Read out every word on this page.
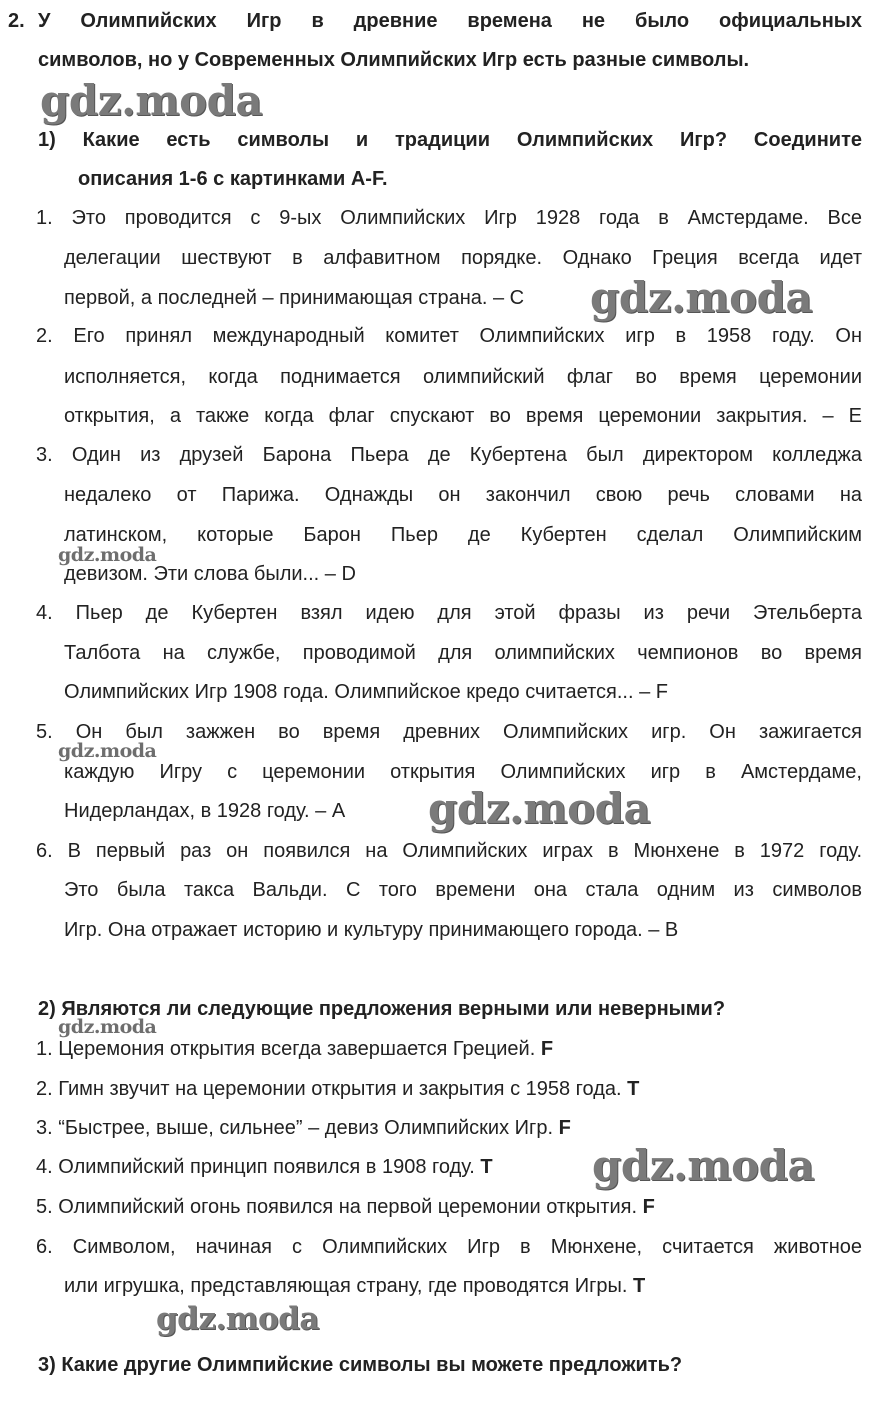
2. У Олимпийских Игр в древние времена не было официальных
символов, но у Современных Олимпийских Игр есть разные символы.
gdz.moda
1) Какие есть символы и традиции Олимпийских Игр? Соедините
описания 1-6 с картинками A-F.
1. Это проводится с 9-ых Олимпийских Игр 1928 года в Амстердаме. Все
делегации шествуют в алфавитном порядке. Однако Греция всегда идет
первой, а последней – принимающая страна. – C gdz.moda
2. Его принял международный комитет Олимпийских игр в 1958 году. Он
исполняется, когда поднимается олимпийский флаг во время церемонии
открытия, а также когда флаг спускают во время церемонии закрытия. – E
3. Один из друзей Барона Пьера де Кубертена был директором колледжа
недалеко от Парижа. Однажды он закончил свою речь словами на
латинском, которые Барон Пьер де Кубертен сделал Олимпийским
gdz.moda
девизом. Эти слова были... – D
4. Пьер де Кубертен взял идею для этой фразы из речи Этельберта
Талбота на службе, проводимой для олимпийских чемпионов во время
Олимпийских Игр 1908 года. Олимпийское кредо считается... – F
5. Он был зажжен во время древних Олимпийских игр. Он зажигается
gdz.moda
каждую Игру с церемонии открытия Олимпийских игр в Амстердаме,
Нидерландах, в 1928 году. – A gdz.moda
6. В первый раз он появился на Олимпийских играх в Мюнхене в 1972 году.
Это была такса Вальди. С того времени она стала одним из символов
Игр. Она отражает историю и культуру принимающего города. – B
2) Являются ли следующие предложения верными или неверными?
gdz.moda
1. Церемония открытия всегда завершается Грецией. F
2. Гимн звучит на церемонии открытия и закрытия с 1958 года. T
3. “Быстрее, выше, сильнее” – девиз Олимпийских Игр. F
4. Олимпийский принцип появился в 1908 году. T gdz.moda
5. Олимпийский огонь появился на первой церемонии открытия. F
6. Символом, начиная с Олимпийских Игр в Мюнхене, считается животное
или игрушка, представляющая страну, где проводятся Игры. T
gdz.moda
3) Какие другие Олимпийские символы вы можете предложить?
